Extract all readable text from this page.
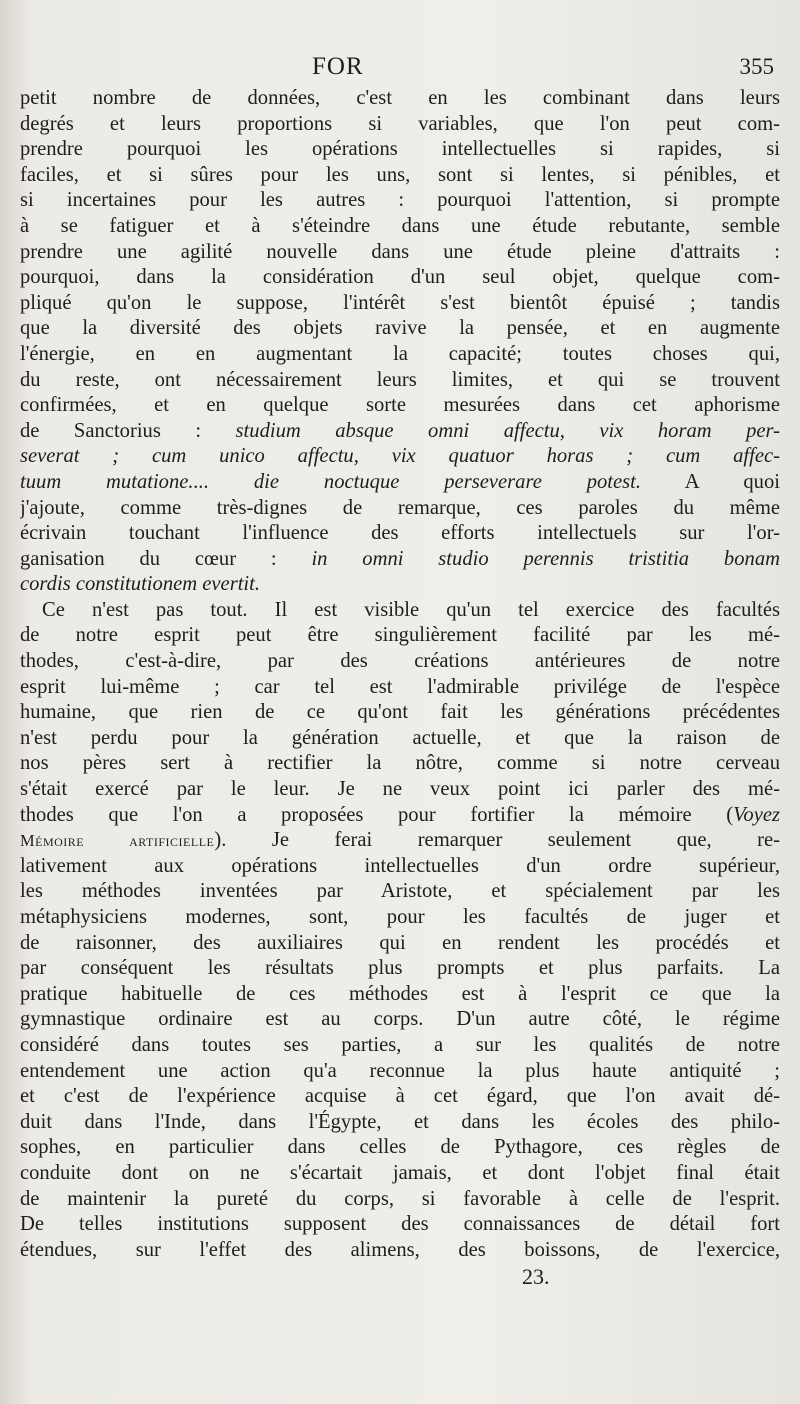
FOR	355
petit nombre de données, c'est en les combinant dans leurs
degrés et leurs proportions si variables, que l'on peut com-
prendre pourquoi les opérations intellectuelles si rapides, si
faciles, et si sûres pour les uns, sont si lentes, si pénibles, et
si incertaines pour les autres : pourquoi l'attention, si prompte
à se fatiguer et à s'éteindre dans une étude rebutante, semble
prendre une agilité nouvelle dans une étude pleine d'attraits :
pourquoi, dans la considération d'un seul objet, quelque com-
pliqué qu'on le suppose, l'intérêt s'est bientôt épuisé ; tandis
que la diversité des objets ravive la pensée, et en augmente
l'énergie, en en augmentant la capacité; toutes choses qui,
du reste, ont nécessairement leurs limites, et qui se trouvent
confirmées, et en quelque sorte mesurées dans cet aphorisme
de Sanctorius : studium absque omni affectu, vix horam per-
severat ; cum unico affectu, vix quatuor horas ; cum affec-
tuum mutatione.... die noctuque perseverare potest. A quoi
j'ajoute, comme très-dignes de remarque, ces paroles du même
écrivain touchant l'influence des efforts intellectuels sur l'or-
ganisation du cœur : in omni studio perennis tristitia bonam
cordis constitutionem evertit.
Ce n'est pas tout. Il est visible qu'un tel exercice des facultés
de notre esprit peut être singulièrement facilité par les mé-
thodes, c'est-à-dire, par des créations antérieures de notre
esprit lui-même ; car tel est l'admirable privilége de l'espèce
humaine, que rien de ce qu'ont fait les générations précédentes
n'est perdu pour la génération actuelle, et que la raison de
nos pères sert à rectifier la nôtre, comme si notre cerveau
s'était exercé par le leur. Je ne veux point ici parler des mé-
thodes que l'on a proposées pour fortifier la mémoire (Voyez
Mémoire artificielle). Je ferai remarquer seulement que, re-
lativement aux opérations intellectuelles d'un ordre supérieur,
les méthodes inventées par Aristote, et spécialement par les
métaphysiciens modernes, sont, pour les facultés de juger et
de raisonner, des auxiliaires qui en rendent les procédés et
par conséquent les résultats plus prompts et plus parfaits. La
pratique habituelle de ces méthodes est à l'esprit ce que la
gymnastique ordinaire est au corps. D'un autre côté, le régime
considéré dans toutes ses parties, a sur les qualités de notre
entendement une action qu'a reconnue la plus haute antiquité ;
et c'est de l'expérience acquise à cet égard, que l'on avait dé-
duit dans l'Inde, dans l'Égypte, et dans les écoles des philo-
sophes, en particulier dans celles de Pythagore, ces règles de
conduite dont on ne s'écartait jamais, et dont l'objet final était
de maintenir la pureté du corps, si favorable à celle de l'esprit.
De telles institutions supposent des connaissances de détail fort
étendues, sur l'effet des alimens, des boissons, de l'exercice,
23.
